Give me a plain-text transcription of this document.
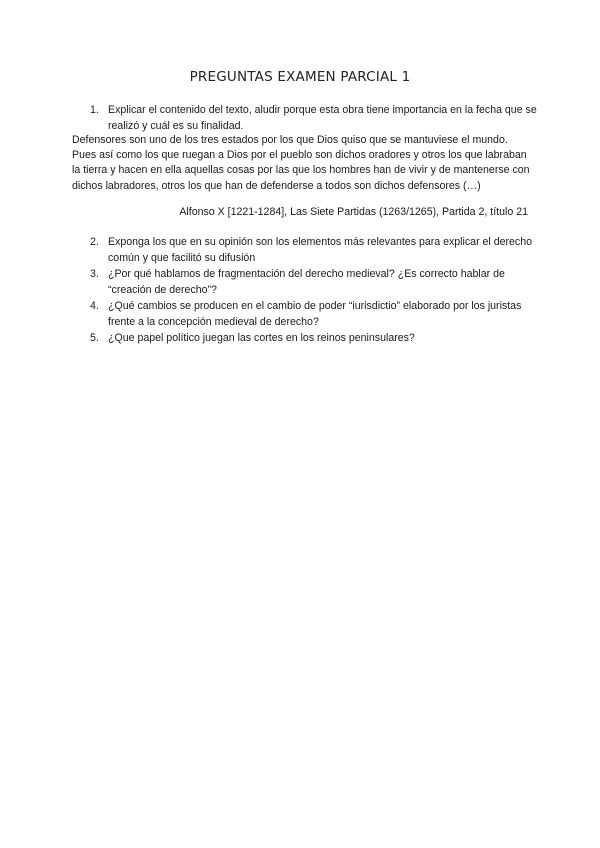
PREGUNTAS EXAMEN PARCIAL 1
1. Explicar el contenido del texto, aludir porque esta obra tiene importancia en la fecha que se realizó y cuál es su finalidad.

Defensores son uno de los tres estados por los que Dios quiso que se mantuviese el mundo. Pues así como los que ruegan a Dios por el pueblo son dichos oradores y otros los que labraban la tierra y hacen en ella aquellas cosas por las que los hombres han de vivir y de mantenerse con dichos labradores, otros los que han de defenderse a todos son dichos defensores (…)

Alfonso X [1221-1284], Las Siete Partidas (1263/1265), Partida 2, título 21

2. Exponga los que en su opinión son los elementos más relevantes para explicar el derecho común y que facilitó su difusión
3. ¿Por qué hablamos de fragmentación del derecho medieval? ¿Es correcto hablar de “creación de derecho”?
4. ¿Qué cambios se producen en el cambio de poder “iurisdictio” elaborado por los juristas frente a la concepción medieval de derecho?
5. ¿Que papel político juegan las cortes en los reinos peninsulares?
